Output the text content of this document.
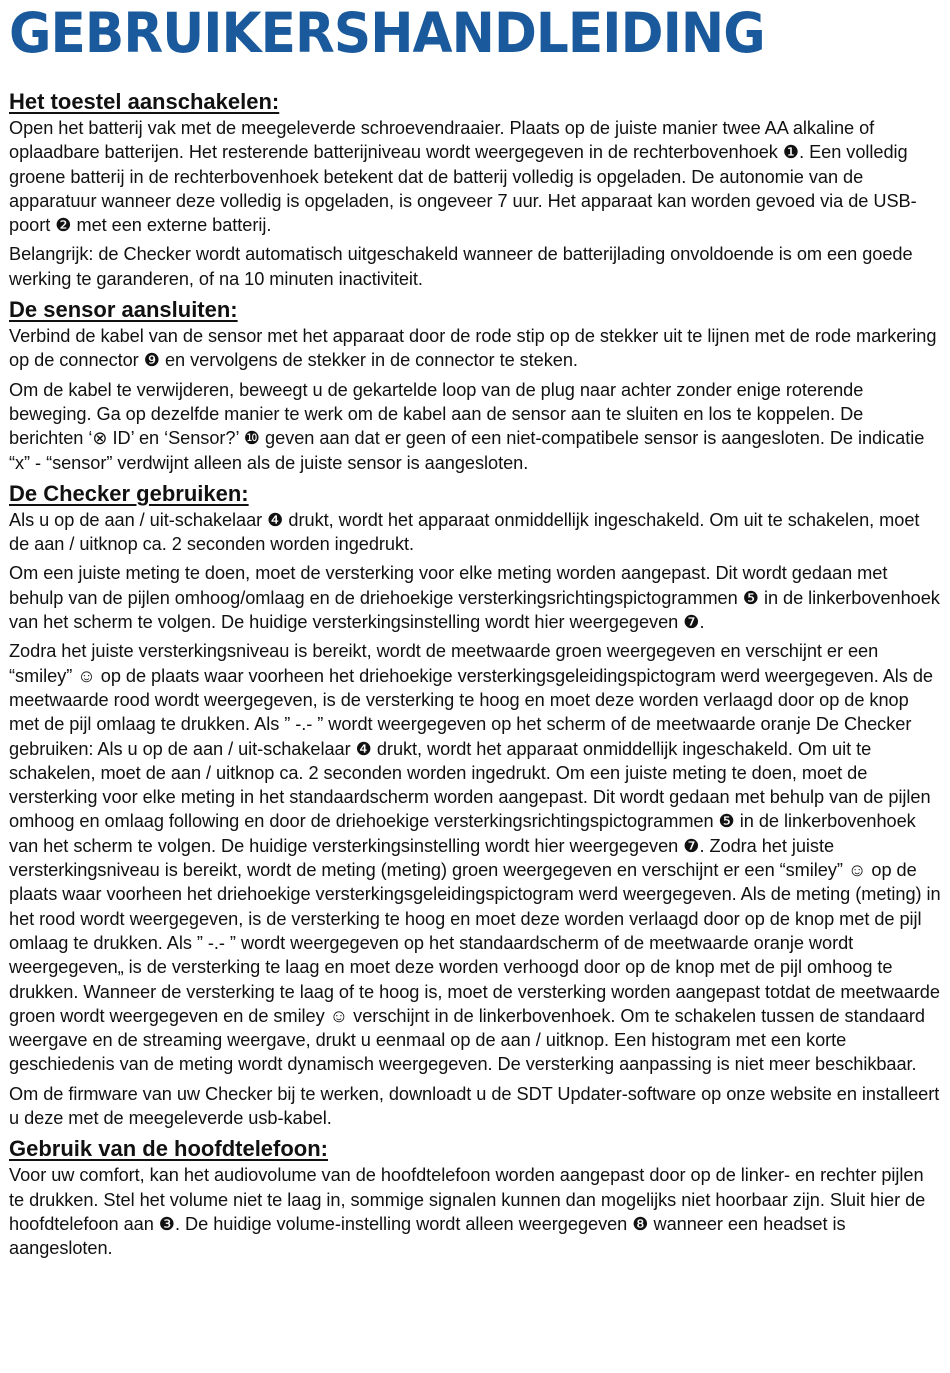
GEBRUIKERSHANDLEIDING
Het toestel aanschakelen:

Open het batterij vak met de meegeleverde schroevendraaier. Plaats op de juiste manier twee AA alkaline of oplaadbare batterijen. Het resterende batterijniveau wordt weergegeven in de rechterbovenhoek ❶. Een volledig groene batterij in de rechterbovenhoek betekent dat de batterij volledig is opgeladen. De autonomie van de apparatuur wanneer deze volledig is opgeladen, is ongeveer 7 uur. Het apparaat kan worden gevoed via de USB-poort ❷ met een externe batterij.

Belangrijk: de Checker wordt automatisch uitgeschakeld wanneer de batterijlading onvoldoende is om een goede werking te garanderen, of na 10 minuten inactiviteit.

De sensor aansluiten:

Verbind de kabel van de sensor met het apparaat door de rode stip op de stekker uit te lijnen met de rode markering op de connector ❾ en vervolgens de stekker in de connector te steken.

Om de kabel te verwijderen, beweegt u de gekartelde loop van de plug naar achter zonder enige roterende beweging. Ga op dezelfde manier te werk om de kabel aan de sensor aan te sluiten en los te koppelen. De berichten ‘⊗ ID’ en ‘Sensor?’ ❿ geven aan dat er geen of een niet-compatibele sensor is aangesloten. De indicatie “x” - “sensor” verdwijnt alleen als de juiste sensor is aangesloten.

De Checker gebruiken:

Als u op de aan / uit-schakelaar ❹ drukt, wordt het apparaat onmiddellijk ingeschakeld. Om uit te schakelen, moet de aan / uitknop ca. 2 seconden worden ingedrukt.

Om een juiste meting te doen, moet de versterking voor elke meting worden aangepast. Dit wordt gedaan met behulp van de pijlen omhoog/omlaag en de driehoekige versterkingsrichtingspictogrammen ❺ in de linkerbovenhoek van het scherm te volgen. De huidige versterkingsinstelling wordt hier weergegeven ❼.

Zodra het juiste versterkingsniveau is bereikt, wordt de meetwaarde groen weergegeven en verschijnt er een “smiley” ☺ op de plaats waar voorheen het driehoekige versterkingsgeleidingspictogram werd weergegeven. Als de meetwaarde rood wordt weergegeven, is de versterking te hoog en moet deze worden verlaagd door op de knop met de pijl omlaag te drukken. Als ” -.- ” wordt weergegeven op het scherm of de meetwaarde oranje De Checker gebruiken: Als u op de aan / uit-schakelaar ❹ drukt, wordt het apparaat onmiddellijk ingeschakeld. Om uit te schakelen, moet de aan / uitknop ca. 2 seconden worden ingedrukt. Om een juiste meting te doen, moet de versterking voor elke meting in het standaardscherm worden aangepast. Dit wordt gedaan met behulp van de pijlen omhoog en omlaag following en door de driehoekige versterkingsrichtingspictogrammen ❺ in de linkerbovenhoek van het scherm te volgen. De huidige versterkingsinstelling wordt hier weergegeven ❼. Zodra het juiste versterkingsniveau is bereikt, wordt de meting (meting) groen weergegeven en verschijnt er een “smiley” ☺ op de plaats waar voorheen het driehoekige versterkingsgeleidingspictogram werd weergegeven. Als de meting (meting) in het rood wordt weergegeven, is de versterking te hoog en moet deze worden verlaagd door op de knop met de pijl omlaag te drukken. Als ” -.- ” wordt weergegeven op het standaardscherm of de meetwaarde oranje wordt weergegeven„ is de versterking te laag en moet deze worden verhoogd door op de knop met de pijl omhoog te drukken. Wanneer de versterking te laag of te hoog is, moet de versterking worden aangepast totdat de meetwaarde groen wordt weergegeven en de smiley ☺ verschijnt in de linkerbovenhoek. Om te schakelen tussen de standaard weergave en de streaming weergave, drukt u eenmaal op de aan / uitknop. Een histogram met een korte geschiedenis van de meting wordt dynamisch weergegeven. De versterking aanpassing is niet meer beschikbaar.

Om de firmware van uw Checker bij te werken, downloadt u de SDT Updater-software op onze website en installeert u deze met de meegeleverde usb-kabel.

Gebruik van de hoofdtelefoon:

Voor uw comfort, kan het audiovolume van de hoofdtelefoon worden aangepast door op de linker- en rechter pijlen te drukken. Stel het volume niet te laag in, sommige signalen kunnen dan mogelijks niet hoorbaar zijn. Sluit hier de hoofdtelefoon aan ❸. De huidige volume-instelling wordt alleen weergegeven ❽ wanneer een headset is aangesloten.
